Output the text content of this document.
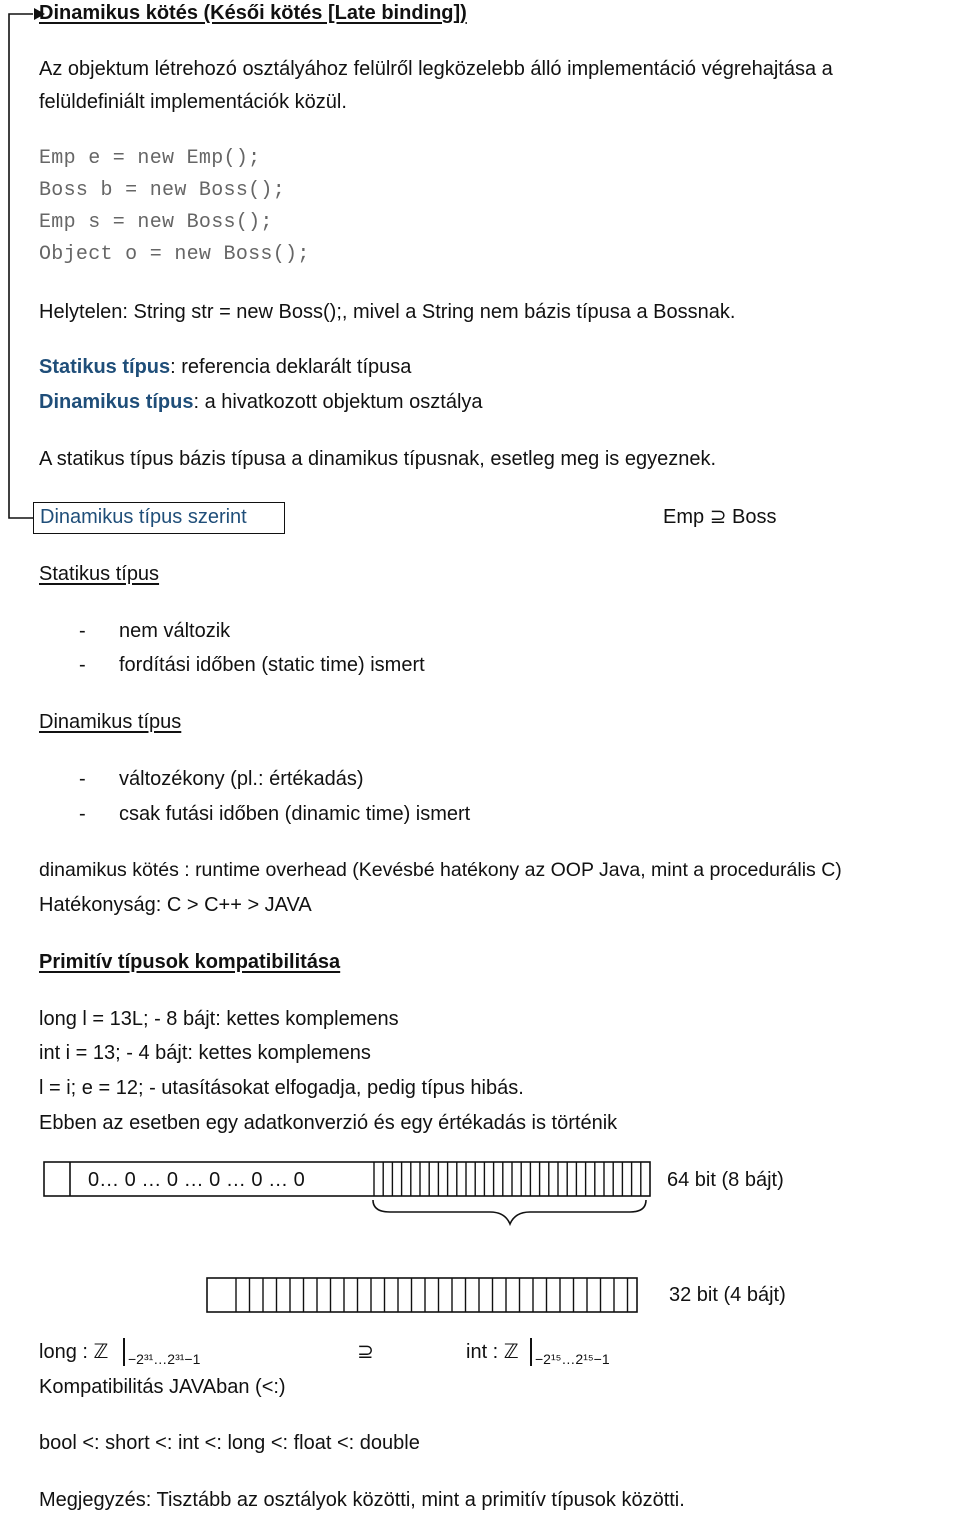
Dinamikus kötés (Késői kötés [Late binding])
Az objektum létrehozó osztályához felülről legközelebb álló implementáció végrehajtása a
felüldefiniált implementációk közül.
Emp e = new Emp();
Boss b = new Boss();
Emp s = new Boss();
Object o = new Boss();
Helytelen: String str = new Boss();, mivel a String nem bázis típusa a Bossnak.
Statikus típus: referencia deklarált típusa
Dinamikus típus: a hivatkozott objektum osztálya
A statikus típus bázis típusa a dinamikus típusnak, esetleg meg is egyeznek.
Dinamikus típus szerint	Emp ⊇ Boss
Statikus típus
- nem változik
- fordítási időben (static time) ismert
Dinamikus típus
- változékony (pl.: értékadás)
- csak futási időben (dinamic time) ismert
dinamikus kötés : runtime overhead (Kevésbé hatékony az OOP Java, mint a procedurális C)
Hatékonyság: C > C++ > JAVA
Primitív típusok kompatibilitása
long l = 13L; - 8 bájt: kettes komplemens
int i = 13; - 4 bájt: kettes komplemens
l = i; e = 12; - utasításokat elfogadja, pedig típus hibás.
Ebben az esetben egy adatkonverzió és egy értékadás is történik
0… 0 … 0 … 0 … 0 … 0	64 bit (8 bájt)
32 bit (4 bájt)
long : ℤ −2³¹…2³¹−1	⊇	int : ℤ −2¹⁵…2¹⁵−1
Kompatibilitás JAVAban (<:)
bool <: short <: int <: long <: float <: double
Megjegyzés: Tisztább az osztályok közötti, mint a primitív típusok közötti.
